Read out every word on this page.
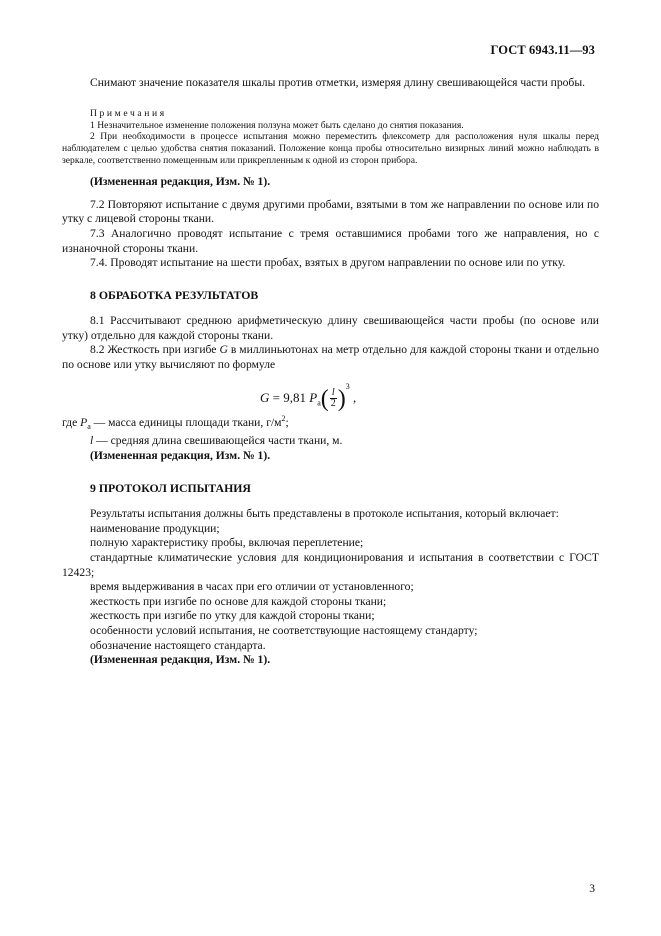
ГОСТ 6943.11—93

Снимают значение показателя шкалы против отметки, измеряя длину свешивающейся части пробы.

Примечания

1 Незначительное изменение положения ползуна может быть сделано до снятия показания.

2 При необходимости в процессе испытания можно переместить флексометр для расположения нуля шкалы перед наблюдателем с целью удобства снятия показаний. Положение конца пробы относительно визирных линий можно наблюдать в зеркале, соответственно помещенным или прикрепленным к одной из сторон прибора.

(Измененная редакция, Изм. № 1).

7.2 Повторяют испытание с двумя другими пробами, взятыми в том же направлении по основе или по утку с лицевой стороны ткани.

7.3 Аналогично проводят испытание с тремя оставшимися пробами того же направления, но с изнаночной стороны ткани.

7.4. Проводят испытание на шести пробах, взятых в другом направлении по основе или по утку.

8 ОБРАБОТКА РЕЗУЛЬТАТОВ

8.1 Рассчитывают среднюю арифметическую длину свешивающейся части пробы (по основе или утку) отдельно для каждой стороны ткани.

8.2 Жесткость при изгибе G в миллиньютонах на метр отдельно для каждой стороны ткани и отдельно по основе или утку вычисляют по формуле

G = 9,81 $P_a( \frac{l}{2} )^3$ ,

где $P_a$ — масса единицы площади ткани, $г/м^2$;

l — средняя длина свешивающейся части ткани, м.

(Измененная редакция, Изм. № 1).

9 ПРОТОКОЛ ИСПЫТАНИЯ

Результаты испытания должны быть представлены в протоколе испытания, который включает:

наименование продукции;

полную характеристику пробы, включая переплетение;

стандартные климатические условия для кондиционирования и испытания в соответствии с ГОСТ 12423;

время выдерживания в часах при его отличии от установленного;

жесткость при изгибе по основе для каждой стороны ткани;

жесткость при изгибе по утку для каждой стороны ткани;

особенности условий испытания, не соответствующие настоящему стандарту;

обозначение настоящего стандарта.

(Измененная редакция, Изм. № 1).

3
